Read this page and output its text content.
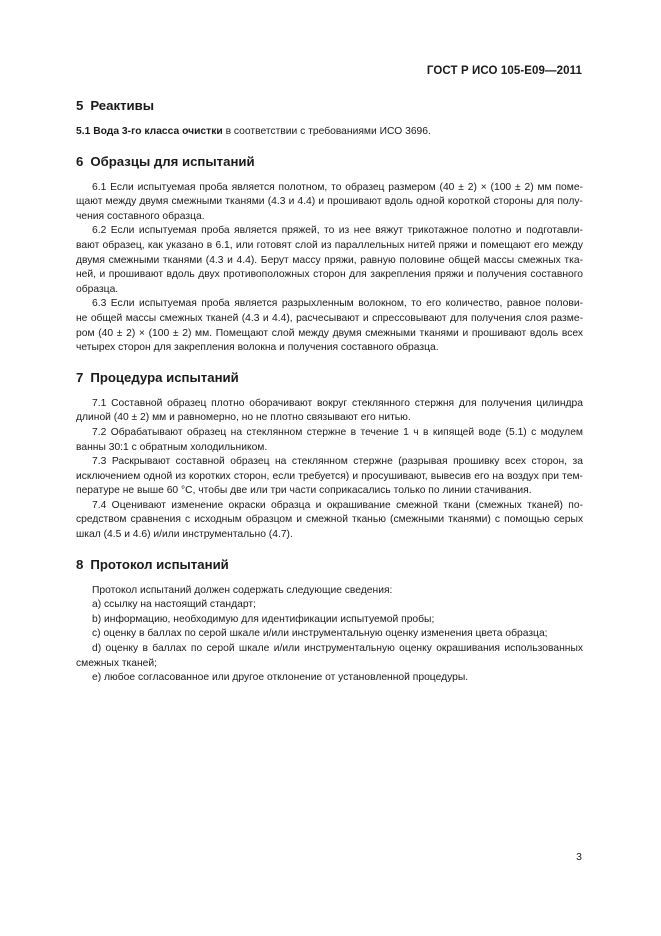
ГОСТ Р ИСО 105-E09—2011
5 Реактивы

5.1 Вода 3-го класса очистки в соответствии с требованиями ИСО 3696.

6 Образцы для испытаний
6.1 Если испытуемая проба является полотном, то образец размером (40 ± 2) × (100 ± 2) мм поме-
щают между двумя смежными тканями (4.3 и 4.4) и прошивают вдоль одной короткой стороны для полу-
чения составного образца.
6.2 Если испытуемая проба является пряжей, то из нее вяжут трикотажное полотно и подготавли-
вают образец, как указано в 6.1, или готовят слой из параллельных нитей пряжи и помещают его между
двумя смежными тканями (4.3 и 4.4). Берут массу пряжи, равную половине общей массы смежных тка-
ней, и прошивают вдоль двух противоположных сторон для закрепления пряжи и получения составного
образца.
6.3 Если испытуемая проба является разрыхленным волокном, то его количество, равное полови-
не общей массы смежных тканей (4.3 и 4.4), расчесывают и спрессовывают для получения слоя разме-
ром (40 ± 2) × (100 ± 2) мм. Помещают слой между двумя смежными тканями и прошивают вдоль всех
четырех сторон для закрепления волокна и получения составного образца.
7 Процедура испытаний
7.1 Составной образец плотно оборачивают вокруг стеклянного стержня для получения цилиндра
длиной (40 ± 2) мм и равномерно, но не плотно связывают его нитью.
7.2 Обрабатывают образец на стеклянном стержне в течение 1 ч в кипящей воде (5.1) с модулем
ванны 30:1 с обратным холодильником.
7.3 Раскрывают составной образец на стеклянном стержне (разрывая прошивку всех сторон, за
исключением одной из коротких сторон, если требуется) и просушивают, вывесив его на воздух при тем-
пературе не выше 60 °С, чтобы две или три части соприкасались только по линии стачивания.
7.4 Оценивают изменение окраски образца и окрашивание смежной ткани (смежных тканей) по-
средством сравнения с исходным образцом и смежной тканью (смежными тканями) с помощью серых
шкал (4.5 и 4.6) и/или инструментально (4.7).
8 Протокол испытаний

Протокол испытаний должен содержать следующие сведения:

а) ссылку на настоящий стандарт;

b) информацию, необходимую для идентификации испытуемой пробы;

с) оценку в баллах по серой шкале и/или инструментальную оценку изменения цвета образца;

d) оценку в баллах по серой шкале и/или инструментальную оценку окрашивания использованных
смежных тканей;

е) любое согласованное или другое отклонение от установленной процедуры.

3
